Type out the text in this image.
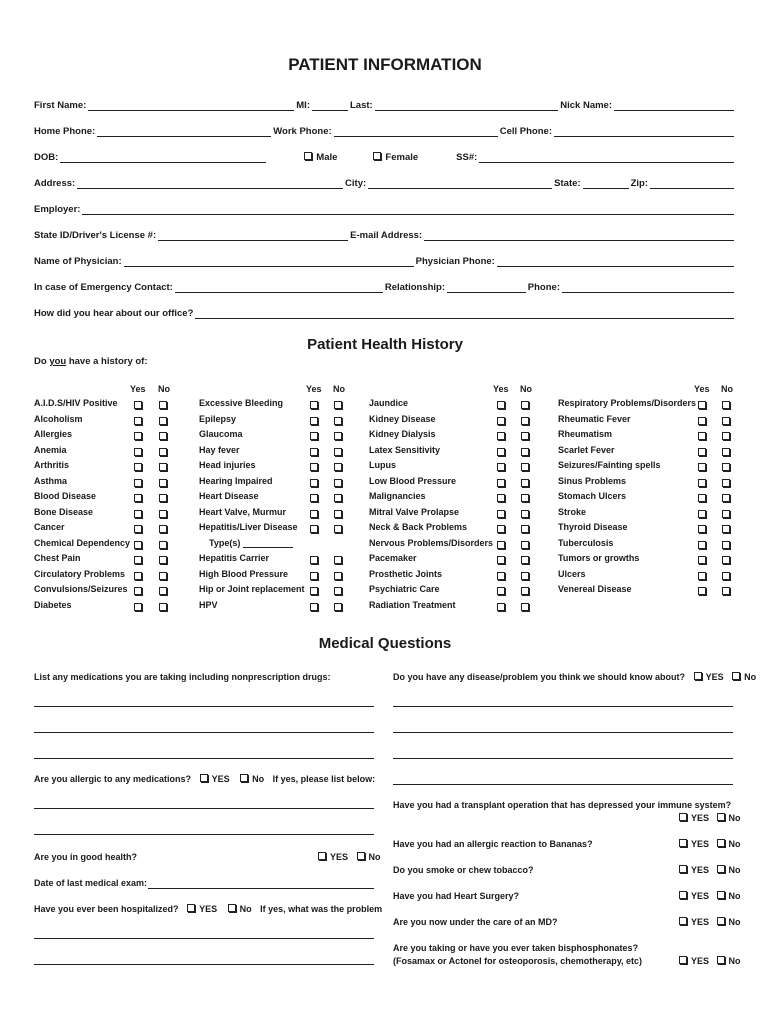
PATIENT INFORMATION
First Name:	MI:	Last:	Nick Name:
Home Phone:	Work Phone:	Cell Phone:
DOB:	Male	Female	SS#:
Address:	City:	State:	Zip:
Employer:
State ID/Driver's License #:	E-mail Address:
Name of Physician:	Physician Phone:
In case of Emergency Contact:	Relationship:	Phone:
How did you hear about our office?
Patient Health History
Do you have a history of:
Yes No
A.I.D.S/HIV Positive
Alcoholism
Allergies
Anemia
Arthritis
Asthma
Blood Disease
Bone Disease
Cancer
Chemical Dependency
Chest Pain
Circulatory Problems
Convulsions/Seizures
Diabetes
Yes No
Excessive Bleeding
Epilepsy
Glaucoma
Hay fever
Head injuries
Hearing Impaired
Heart Disease
Heart Valve, Murmur
Hepatitis/Liver Disease
Type(s)
Hepatitis Carrier
High Blood Pressure
Hip or Joint replacement
HPV
Yes No
Jaundice
Kidney Disease
Kidney Dialysis
Latex Sensitivity
Lupus
Low Blood Pressure
Malignancies
Mitral Valve Prolapse
Neck & Back Problems
Nervous Problems/Disorders
Pacemaker
Prosthetic Joints
Psychiatric Care
Radiation Treatment
Yes No
Respiratory Problems/Disorders
Rheumatic Fever
Rheumatism
Scarlet Fever
Seizures/Fainting spells
Sinus Problems
Stomach Ulcers
Stroke
Thyroid Disease
Tuberculosis
Tumors or growths
Ulcers
Venereal Disease
Medical Questions
List any medications you are taking including nonprescription drugs:
Are you allergic to any medications? YES	No If yes, please list below:
Are you in good health?	YES No
Date of last medical exam:
Have you ever been hospitalized? YES	No If yes, what was the problem
Do you have any disease/problem you think we should know about? YES No
Have you had a transplant operation that has depressed your immune system?
YES No
Have you had an allergic reaction to Bananas?	YES No
Do you smoke or chew tobacco?	YES No
Have you had Heart Surgery?	YES No
Are you now under the care of an MD?	YES No
Are you taking or have you ever taken bisphosphonates?
(Fosamax or Actonel for osteoporosis, chemotherapy, etc)	YES No
